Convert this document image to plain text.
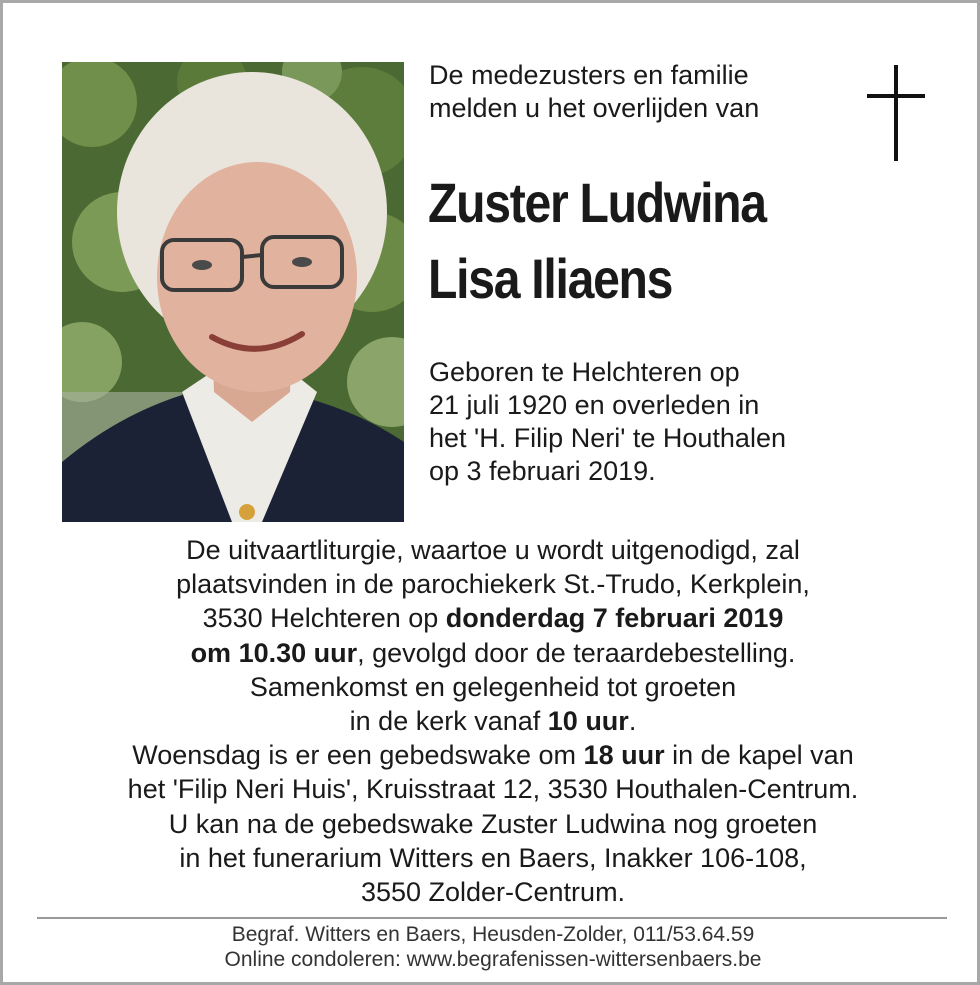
De medezusters en familie
melden u het overlijden van
Zuster Ludwina
Lisa Iliaens
Geboren te Helchteren op
21 juli 1920 en overleden in
het 'H. Filip Neri' te Houthalen
op 3 februari 2019.
De uitvaartliturgie, waartoe u wordt uitgenodigd, zal
plaatsvinden in de parochiekerk St.-Trudo, Kerkplein,
3530 Helchteren op donderdag 7 februari 2019
om 10.30 uur, gevolgd door de teraardebestelling.
Samenkomst en gelegenheid tot groeten
in de kerk vanaf 10 uur.
Woensdag is er een gebedswake om 18 uur in de kapel van
het 'Filip Neri Huis', Kruisstraat 12, 3530 Houthalen-Centrum.
U kan na de gebedswake Zuster Ludwina nog groeten
in het funerarium Witters en Baers, Inakker 106-108,
3550 Zolder-Centrum.
Begraf. Witters en Baers, Heusden-Zolder, 011/53.64.59
Online condoleren: www.begrafenissen-wittersenbaers.be
